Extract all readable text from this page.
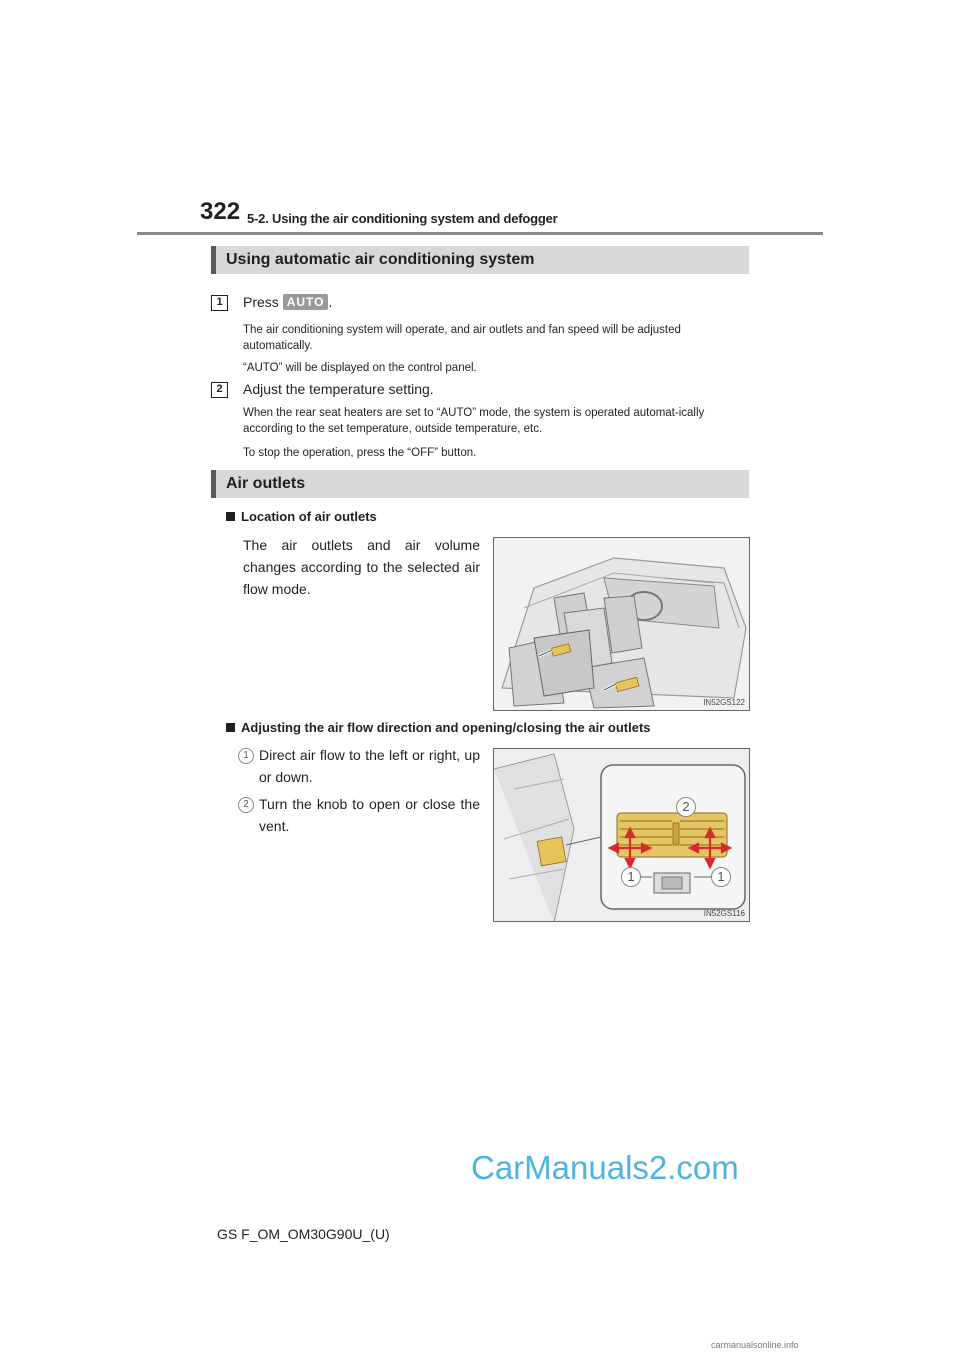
322 5-2. Using the air conditioning system and defogger
Using automatic air conditioning system
1	Press AUTO .
The air conditioning system will operate, and air outlets and fan speed will be adjusted automatically.
“AUTO” will be displayed on the control panel.
2	Adjust the temperature setting.
When the rear seat heaters are set to “AUTO” mode, the system is operated automat-ically according to the set temperature, outside temperature, etc.
To stop the operation, press the “OFF” button.
Air outlets
Location of air outlets
The air outlets and air volume changes according to the selected air flow mode.
IN52GS122
Adjusting the air flow direction and opening/closing the air outlets
1 Direct air flow to the left or right, up or down.
2 Turn the knob to open or close the vent.
2
1	1
IN52GS116
CarManuals2.com
carmanualsonline.info
GS F_OM_OM30G90U_(U)
